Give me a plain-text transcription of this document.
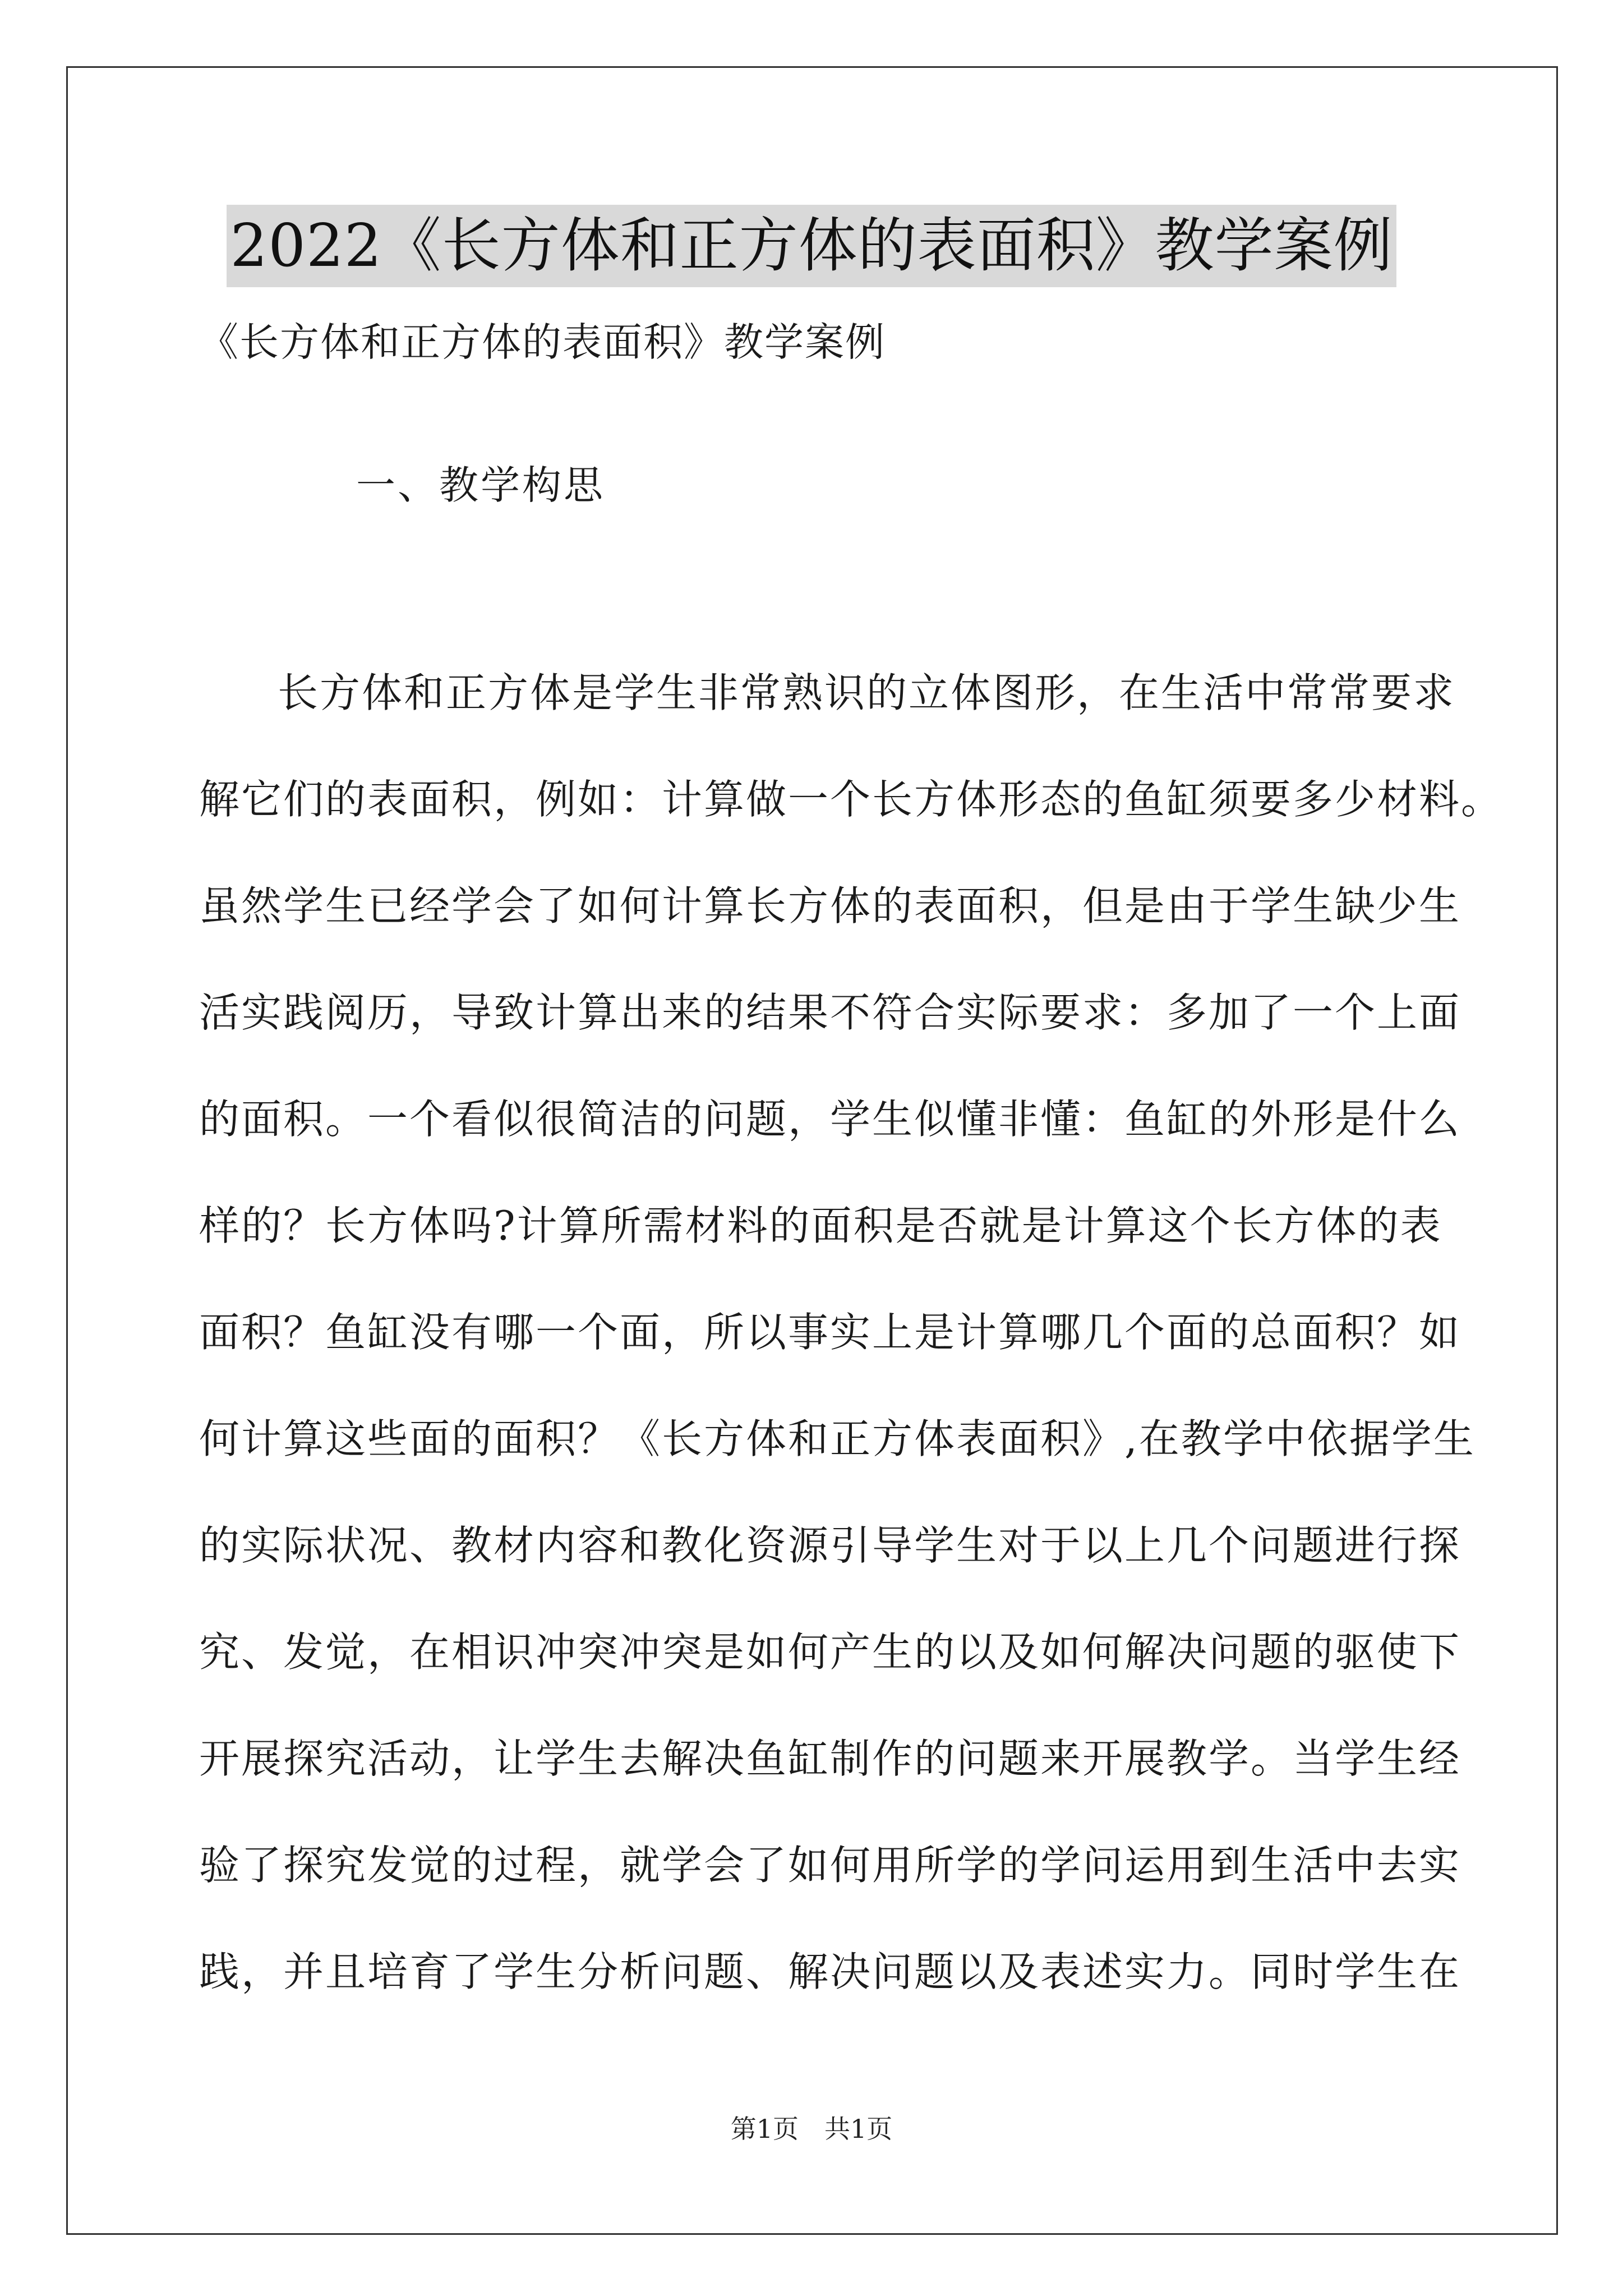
2022《长方体和正方体的表面积》教学案例
《长方体和正方体的表面积》教学案例
一、教学构思
长方体和正方体是学生非常熟识的立体图形，在生活中常常要求
解它们的表面积，例如：计算做一个长方体形态的鱼缸须要多少材料。
虽然学生已经学会了如何计算长方体的表面积，但是由于学生缺少生
活实践阅历，导致计算出来的结果不符合实际要求：多加了一个上面
的面积。一个看似很简洁的问题，学生似懂非懂：鱼缸的外形是什么
样的？长方体吗?计算所需材料的面积是否就是计算这个长方体的表
面积？鱼缸没有哪一个面，所以事实上是计算哪几个面的总面积？如
何计算这些面的面积？《长方体和正方体表面积》,在教学中依据学生
的实际状况、教材内容和教化资源引导学生对于以上几个问题进行探
究、发觉，在相识冲突冲突是如何产生的以及如何解决问题的驱使下
开展探究活动，让学生去解决鱼缸制作的问题来开展教学。当学生经
验了探究发觉的过程，就学会了如何用所学的学问运用到生活中去实
践，并且培育了学生分析问题、解决问题以及表述实力。同时学生在
第1页　共1页
